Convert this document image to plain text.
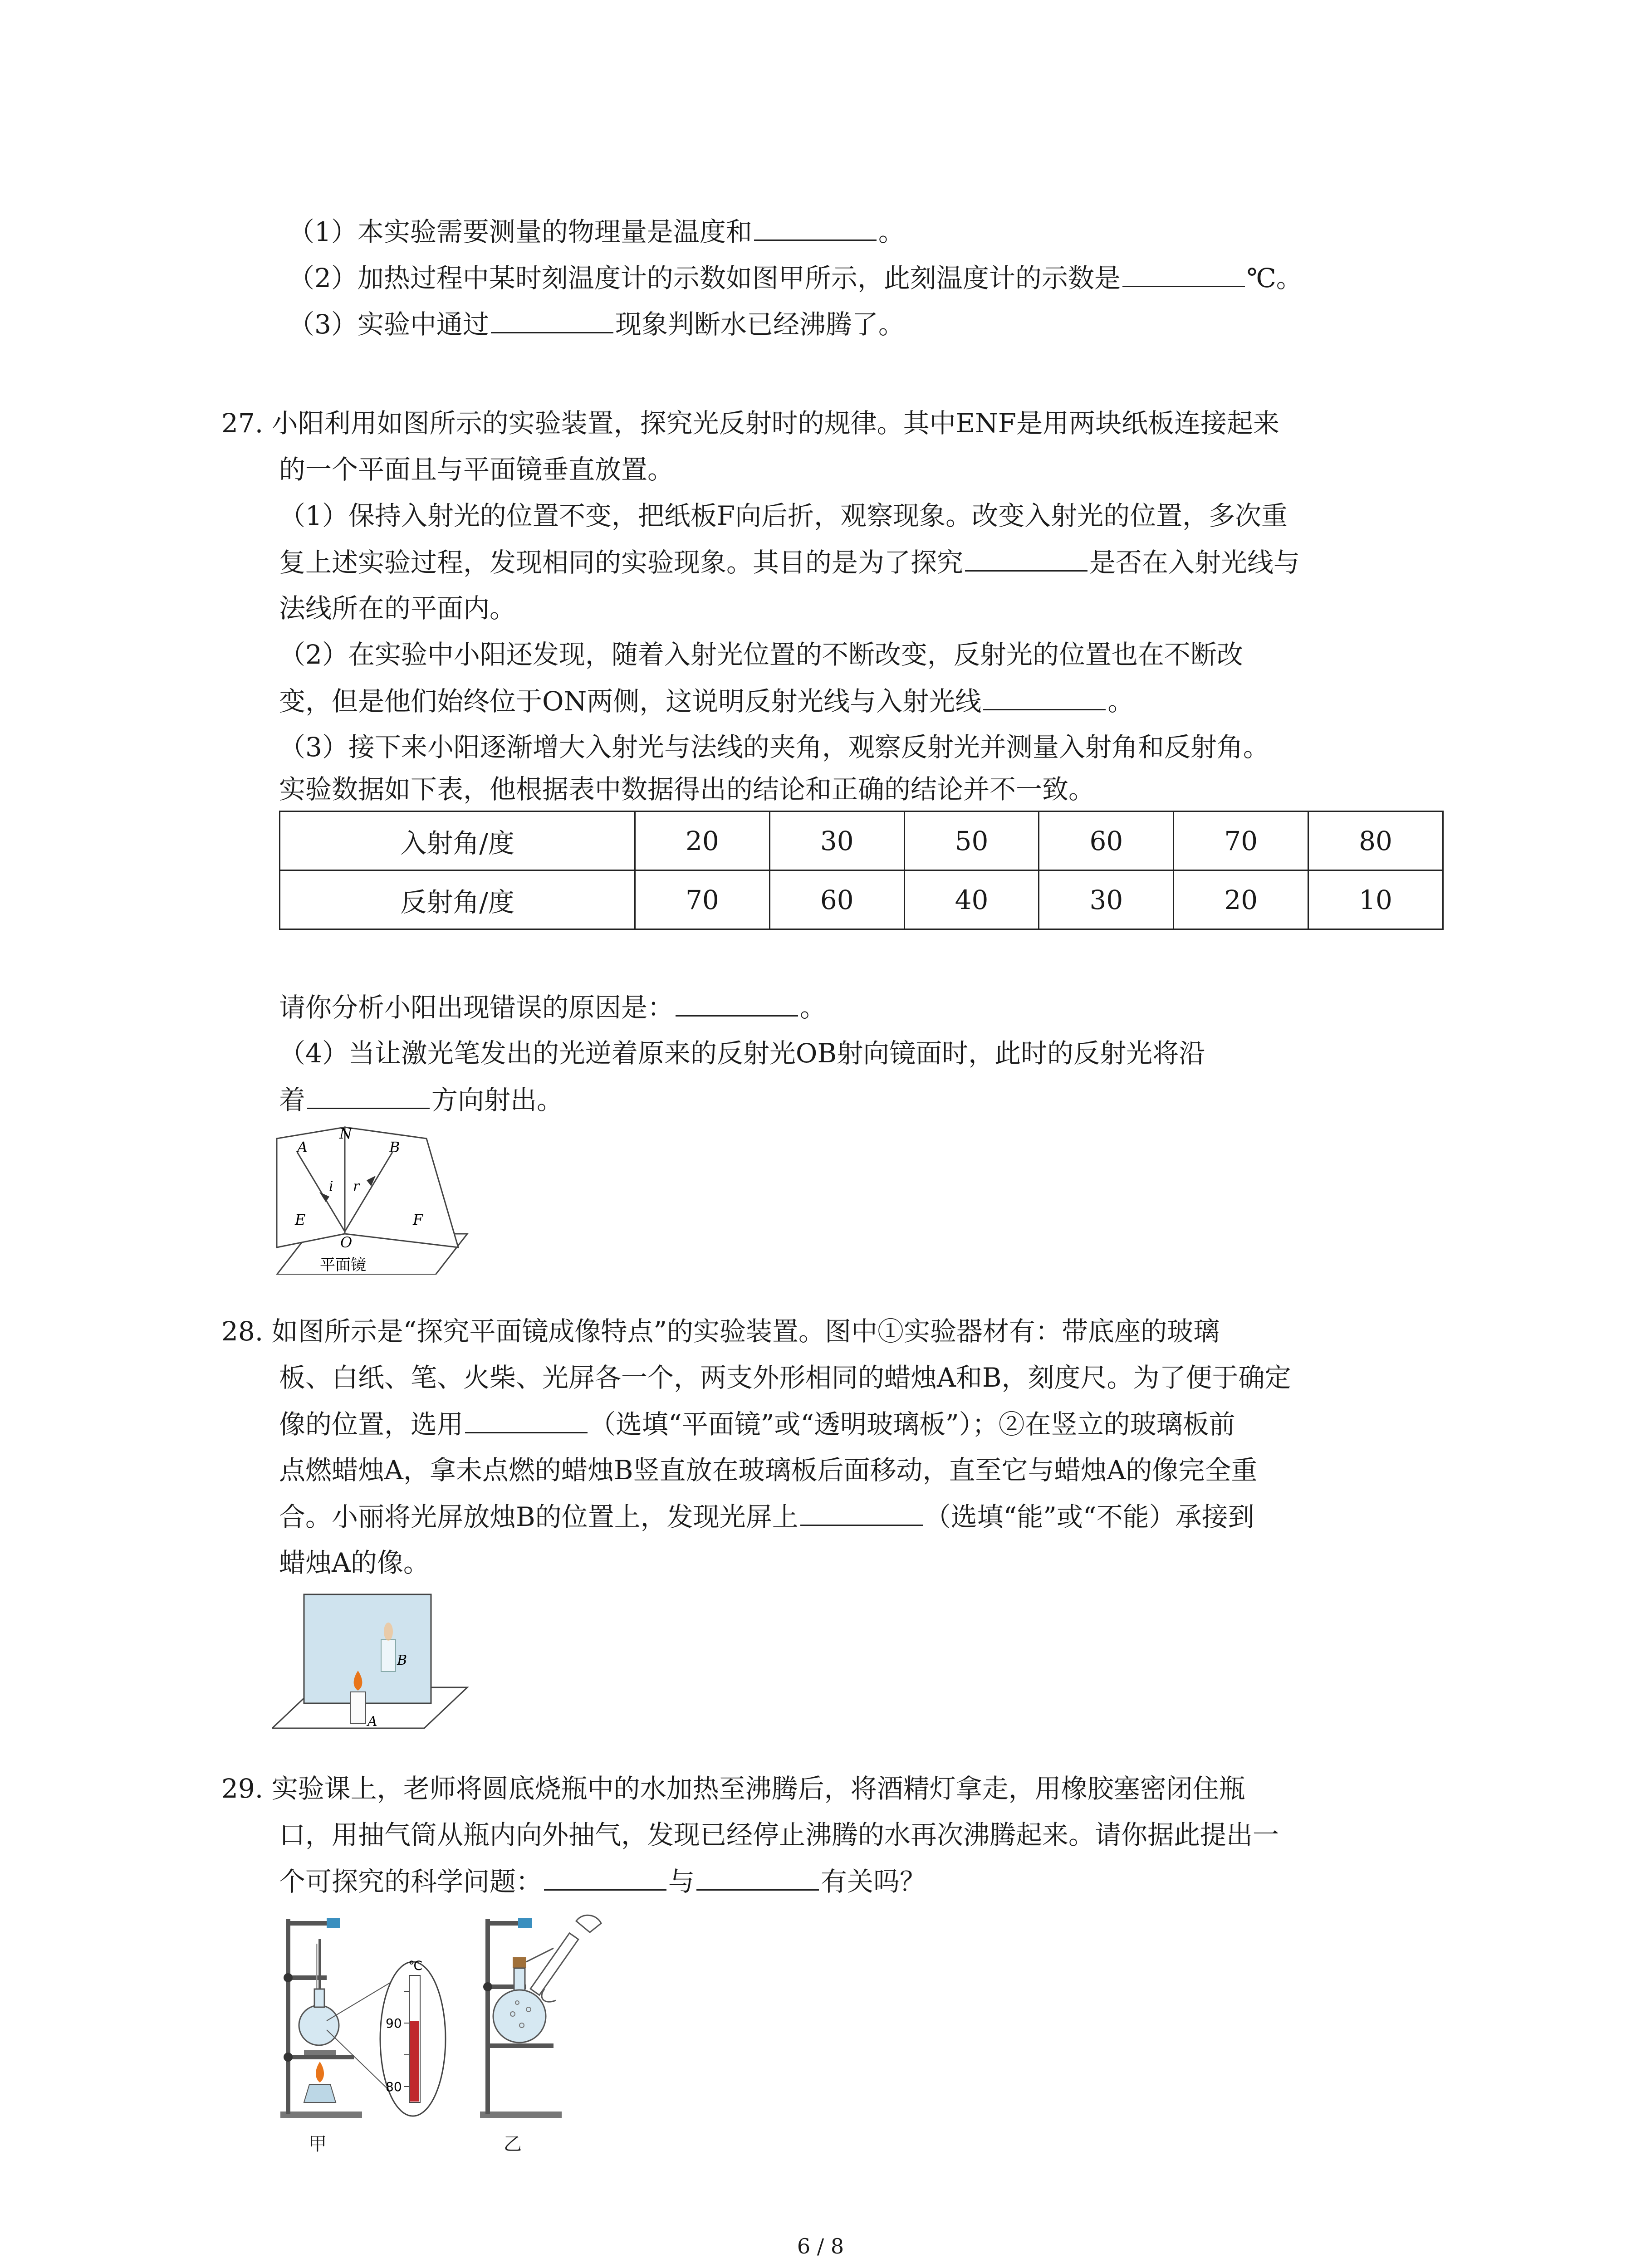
（1）本实验需要测量的物理量是温度和	。
（2）加热过程中某时刻温度计的示数如图甲所示，此刻温度计的示数是	℃。
（3）实验中通过	现象判断水已经沸腾了。
27. 小阳利用如图所示的实验装置，探究光反射时的规律。其中ENF是用两块纸板连接起来
的一个平面且与平面镜垂直放置。
（1）保持入射光的位置不变，把纸板F向后折，观察现象。改变入射光的位置，多次重
复上述实验过程，发现相同的实验现象。其目的是为了探究	是否在入射光线与
法线所在的平面内。
（2）在实验中小阳还发现，随着入射光位置的不断改变，反射光的位置也在不断改
变，但是他们始终位于ON两侧，这说明反射光线与入射光线	。
（3）接下来小阳逐渐增大入射光与法线的夹角，观察反射光并测量入射角和反射角。
实验数据如下表，他根据表中数据得出的结论和正确的结论并不一致。
入射角/度	20	30	50	60	70	80
反射角/度	70	60	40	30	20	10
请你分析小阳出现错误的原因是：	。
（4）当让激光笔发出的光逆着原来的反射光OB射向镜面时，此时的反射光将沿
着	方向射出。
A
N
B
i r
E	F
O
平面镜
28. 如图所示是“探究平面镜成像特点”的实验装置。图中①实验器材有：带底座的玻璃
板、白纸、笔、火柴、光屏各一个，两支外形相同的蜡烛A和B，刻度尺。为了便于确定
像的位置，选用	（选填“平面镜”或“透明玻璃板”）；②在竖立的玻璃板前
点燃蜡烛A，拿未点燃的蜡烛B竖直放在玻璃板后面移动，直至它与蜡烛A的像完全重
合。小丽将光屏放烛B的位置上，发现光屏上	（选填“能”或“不能）承接到
蜡烛A的像。
B
A
29. 实验课上，老师将圆底烧瓶中的水加热至沸腾后，将酒精灯拿走，用橡胶塞密闭住瓶
口，用抽气筒从瓶内向外抽气，发现已经停止沸腾的水再次沸腾起来。请你据此提出一
个可探究的科学问题：	与	有关吗？
℃
90
80
甲	乙
6 / 8
